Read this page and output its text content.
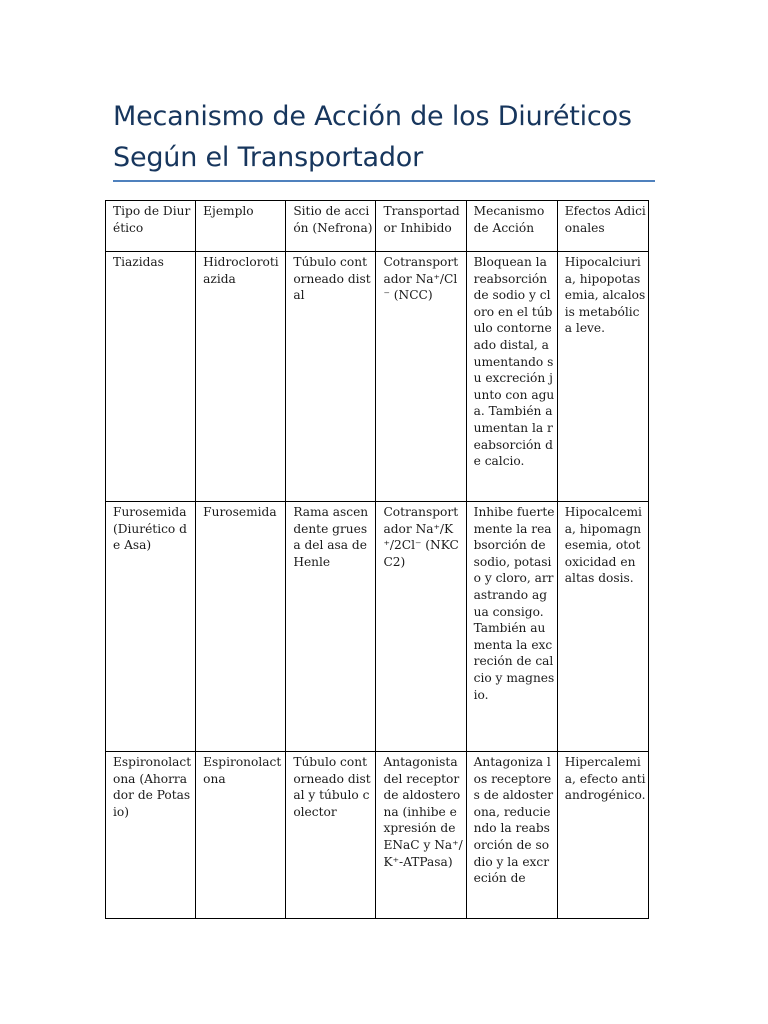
Mecanismo de Acción de los Diuréticos
Según el Transportador
Tipo de Diurético	Ejemplo	Sitio de acción (Nefrona)	Transportador Inhibido	Mecanismo de Acción	Efectos Adicionales

Tiazidas	Hidroclorotiazida	Túbulo contorneado distal	Cotransportador Na⁺/Cl⁻ (NCC)	Bloquean la reabsorción de sodio y cloro en el túbulo contorneado distal, aumentando su excreción junto con agua. También aumentan la reabsorción de calcio.	Hipocalciuria, hipopotasemia, alcalosis metabólica leve.

Furosemida (Diurético de Asa)	Furosemida	Rama ascendente gruesa del asa de Henle	Cotransportador Na⁺/K⁺/2Cl⁻ (NKCC2)	Inhibe fuertemente la reabsorción de sodio, potasio y cloro, arrastrando agua consigo. También aumenta la excreción de calcio y magnesio.	Hipocalcemia, hipomagnesemia, ototoxicidad en altas dosis.

Espironolactona (Ahorrador de Potasio)	Espironolactona	Túbulo contorneado distal y túbulo colector	Antagonista del receptor de aldosterona (inhibe expresión de ENaC y Na⁺/K⁺-ATPasa)	Antagoniza los receptores de aldosterona, reduciendo la reabsorción de sodio y la excreción de	Hipercalemia, efecto antiandrogénico.
